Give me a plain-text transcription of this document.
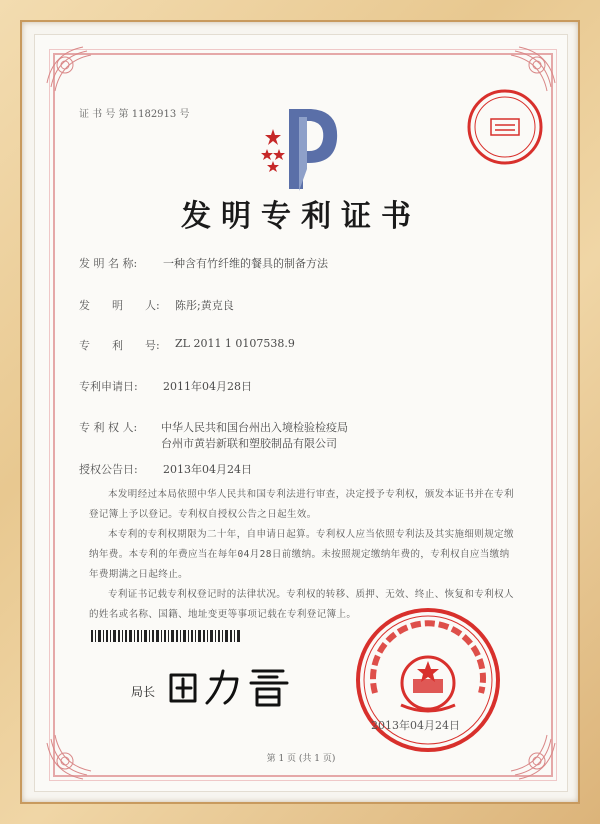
证 书 号 第 1182913 号
发明专利证书
发 明 名 称: 一种含有竹纤维的餐具的制备方法
发　　明　　人: 陈彤;黄克良
专　　利　　号: ZL 2011 1 0107538.9
专利申请日: 2011年04月28日
专 利 权 人: 中华人民共和国台州出入境检验检疫局
台州市黄岩新联和塑胶制品有限公司
授权公告日: 2013年04月24日

本发明经过本局依照中华人民共和国专利法进行审查，决定授予专利权，颁发本证书并在专利登记簿上予以登记。专利权自授权公告之日起生效。

本专利的专利权期限为二十年，自申请日起算。专利权人应当依照专利法及其实施细则规定缴纳年费。本专利的年费应当在每年04月28日前缴纳。未按照规定缴纳年费的，专利权自应当缴纳年费期满之日起终止。

专利证书记载专利权登记时的法律状况。专利权的转移、质押、无效、终止、恢复和专利权人的姓名或名称、国籍、地址变更等事项记载在专利登记簿上。

局长
2013年04月24日
第 1 页 (共 1 页)
